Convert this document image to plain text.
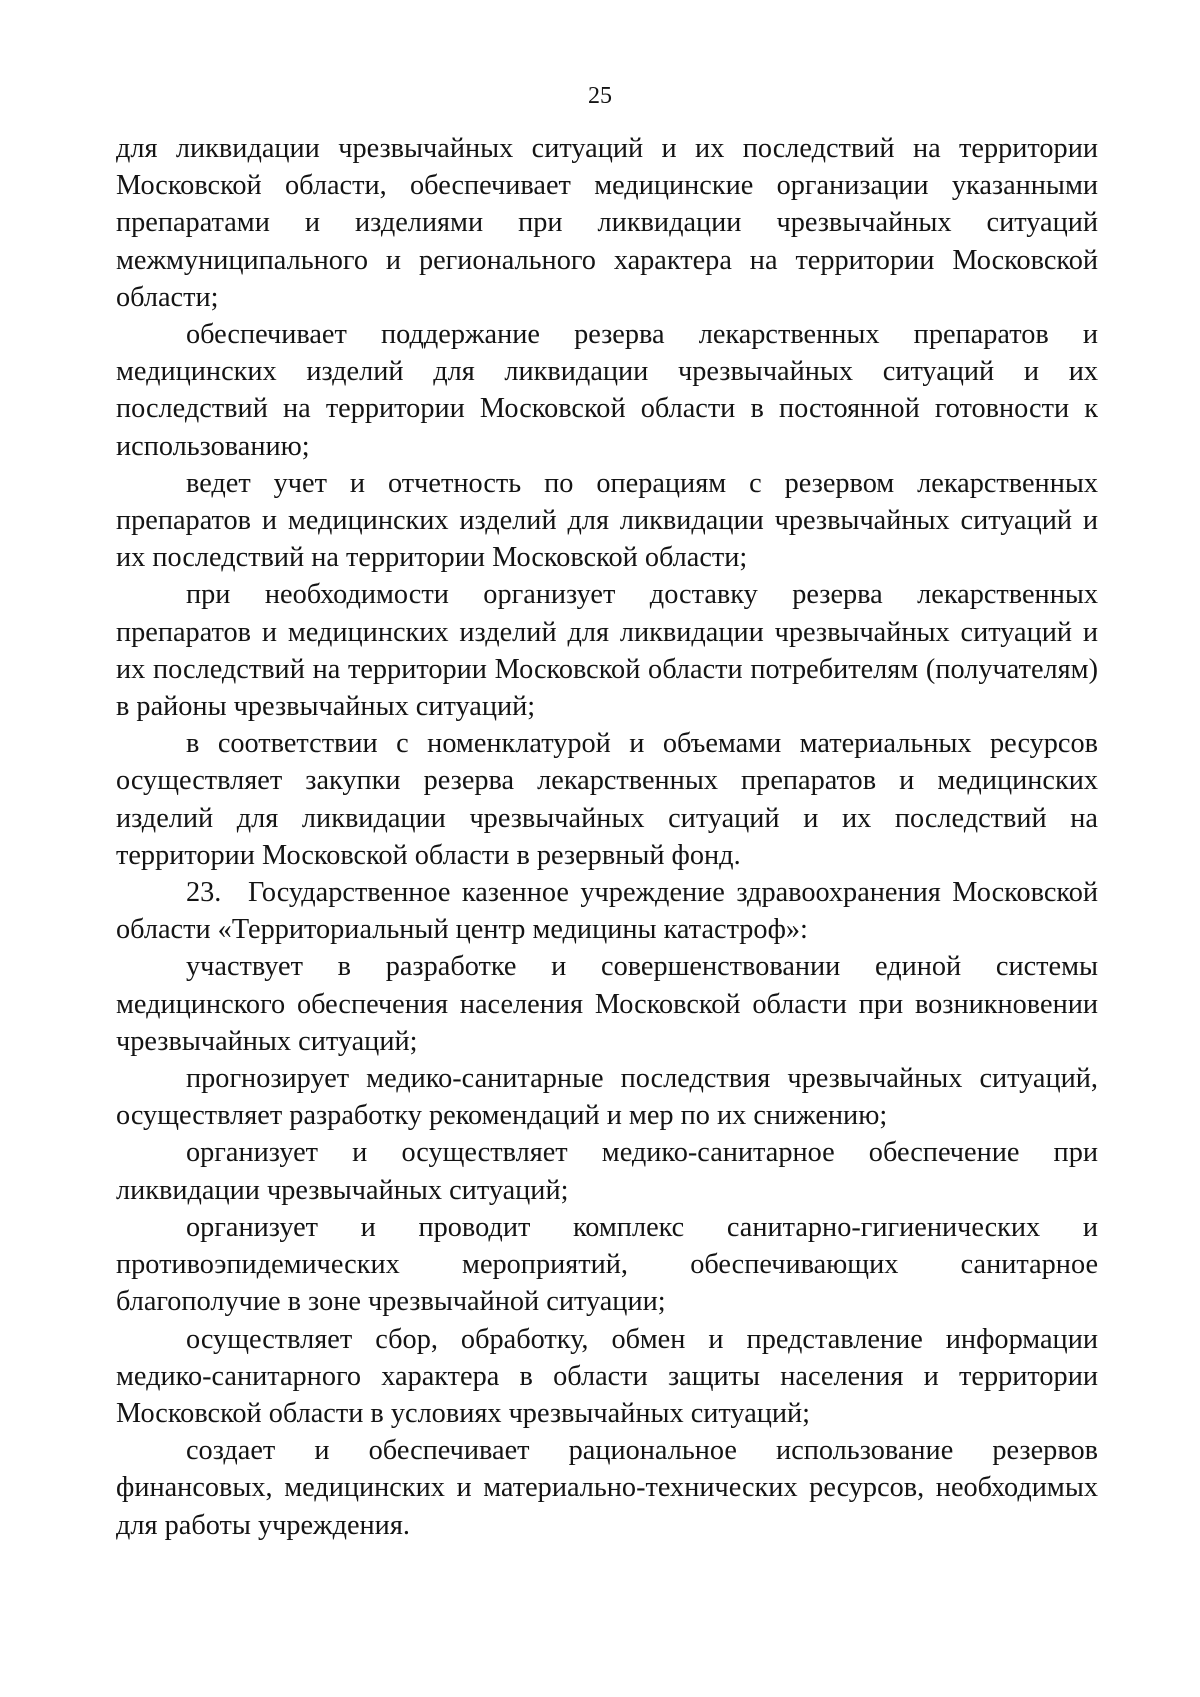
25

для ликвидации чрезвычайных ситуаций и их последствий на территории Московской области, обеспечивает медицинские организации указанными препаратами и изделиями при ликвидации чрезвычайных ситуаций межмуниципального и регионального характера на территории Московской области;

обеспечивает поддержание резерва лекарственных препаратов и медицинских изделий для ликвидации чрезвычайных ситуаций и их последствий на территории Московской области в постоянной готовности к использованию;

ведет учет и отчетность по операциям с резервом лекарственных препаратов и медицинских изделий для ликвидации чрезвычайных ситуаций и их последствий на территории Московской области;

при необходимости организует доставку резерва лекарственных препаратов и медицинских изделий для ликвидации чрезвычайных ситуаций и их последствий на территории Московской области потребителям (получателям) в районы чрезвычайных ситуаций;

в соответствии с номенклатурой и объемами материальных ресурсов осуществляет закупки резерва лекарственных препаратов и медицинских изделий для ликвидации чрезвычайных ситуаций и их последствий на территории Московской области в резервный фонд.

23. Государственное казенное учреждение здравоохранения Московской области «Территориальный центр медицины катастроф»:

участвует в разработке и совершенствовании единой системы медицинского обеспечения населения Московской области при возникновении чрезвычайных ситуаций;

прогнозирует медико-санитарные последствия чрезвычайных ситуаций, осуществляет разработку рекомендаций и мер по их снижению;

организует и осуществляет медико-санитарное обеспечение при ликвидации чрезвычайных ситуаций;

организует и проводит комплекс санитарно-гигиенических и противоэпидемических мероприятий, обеспечивающих санитарное благополучие в зоне чрезвычайной ситуации;

осуществляет сбор, обработку, обмен и представление информации медико-санитарного характера в области защиты населения и территории Московской области в условиях чрезвычайных ситуаций;

создает и обеспечивает рациональное использование резервов финансовых, медицинских и материально-технических ресурсов, необходимых для работы учреждения.
